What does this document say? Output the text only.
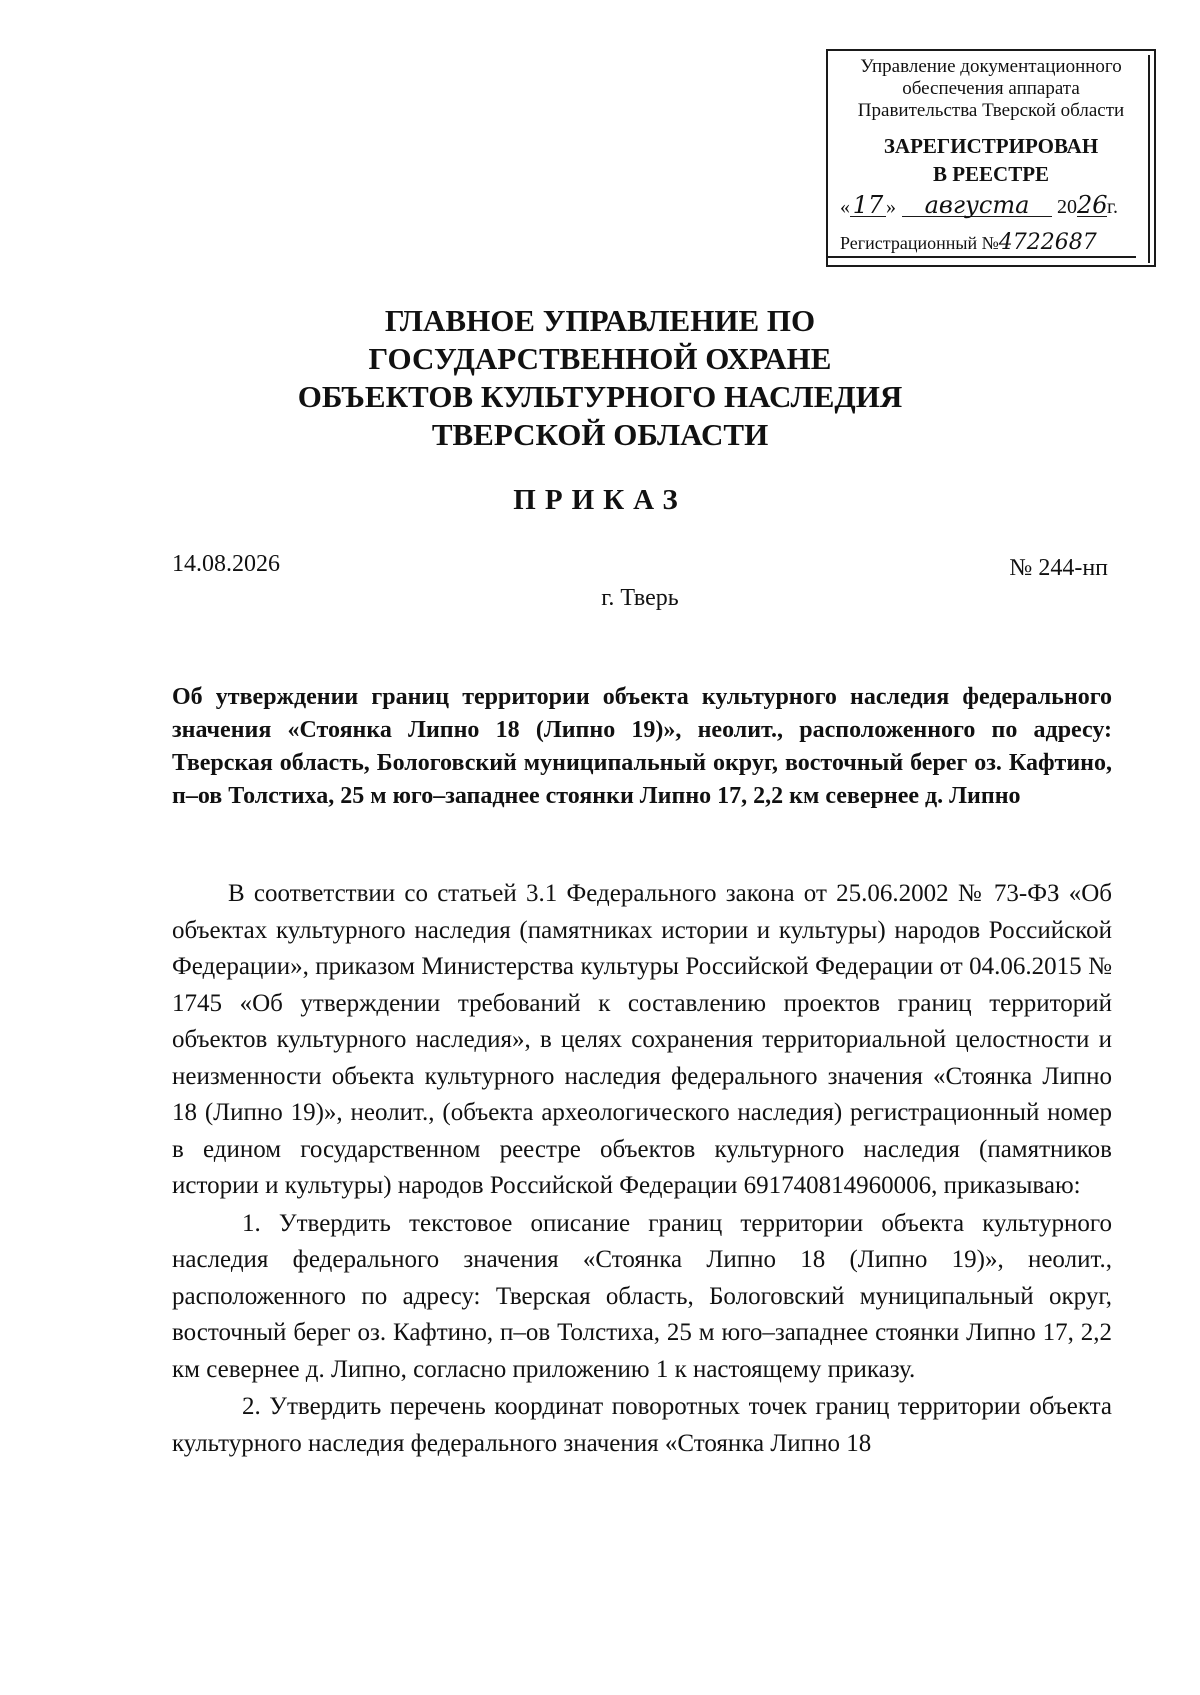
Управление документационного
обеспечения аппарата
Правительства Тверской области
ЗАРЕГИСТРИРОВАН
В РЕЕСТРЕ
« 17 » августа 2026г.
Регистрационный №4722687
ГЛАВНОЕ УПРАВЛЕНИЕ ПО
ГОСУДАРСТВЕННОЙ ОХРАНЕ
ОБЪЕКТОВ КУЛЬТУРНОГО НАСЛЕДИЯ
ТВЕРСКОЙ ОБЛАСТИ
ПРИКАЗ
14.08.2026	№ 244-нп
г. Тверь
Об утверждении границ территории объекта культурного наследия федерального значения «Стоянка Липно 18 (Липно 19)», неолит., расположенного по адресу: Тверская область, Бологовский муниципальный округ, восточный берег оз. Кафтино, п–ов Толстиха, 25 м юго–западнее стоянки Липно 17, 2,2 км севернее д. Липно

В соответствии со статьей 3.1 Федерального закона от 25.06.2002 № 73-ФЗ «Об объектах культурного наследия (памятниках истории и культуры) народов Российской Федерации», приказом Министерства культуры Российской Федерации от 04.06.2015 № 1745 «Об утверждении требований к составлению проектов границ территорий объектов культурного наследия», в целях сохранения территориальной целостности и неизменности объекта культурного наследия федерального значения «Стоянка Липно 18 (Липно 19)», неолит., (объекта археологического наследия) регистрационный номер в едином государственном реестре объектов культурного наследия (памятников истории и культуры) народов Российской Федерации 691740814960006, приказываю:

1. Утвердить текстовое описание границ территории объекта культурного наследия федерального значения «Стоянка Липно 18 (Липно 19)», неолит., расположенного по адресу: Тверская область, Бологовский муниципальный округ, восточный берег оз. Кафтино, п–ов Толстиха, 25 м юго–западнее стоянки Липно 17, 2,2 км севернее д. Липно, согласно приложению 1 к настоящему приказу.

2. Утвердить перечень координат поворотных точек границ территории объекта культурного наследия федерального значения «Стоянка Липно 18
